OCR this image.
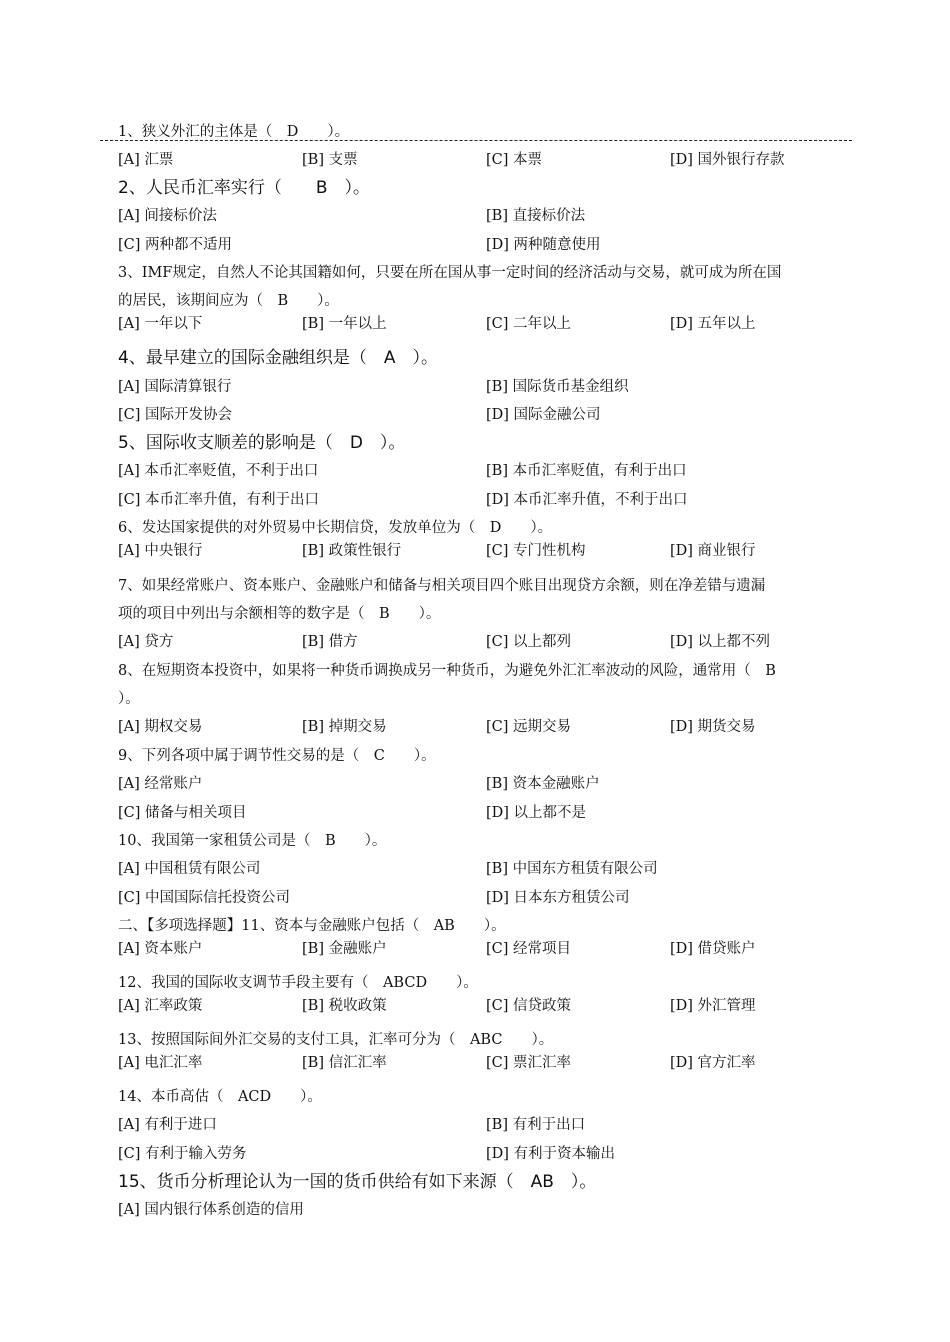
1、狭义外汇的主体是（　D　　）。
[A] 汇票	[B] 支票	[C] 本票	[D] 国外银行存款
2、人民币汇率实行（　　B　）。
[A] 间接标价法	[B] 直接标价法
[C] 两种都不适用	[D] 两种随意使用
3、IMF规定，自然人不论其国籍如何，只要在所在国从事一定时间的经济活动与交易，就可成为所在国
的居民，该期间应为（　B　　）。
[A] 一年以下	[B] 一年以上	[C] 二年以上	[D] 五年以上
4、最早建立的国际金融组织是（　A　）。
[A] 国际清算银行	[B] 国际货币基金组织
[C] 国际开发协会	[D] 国际金融公司
5、国际收支顺差的影响是（　D　）。
[A] 本币汇率贬值，不利于出口	[B] 本币汇率贬值，有利于出口
[C] 本币汇率升值，有利于出口	[D] 本币汇率升值，不利于出口
6、发达国家提供的对外贸易中长期信贷，发放单位为（　D　　）。
[A] 中央银行	[B] 政策性银行	[C] 专门性机构	[D] 商业银行
7、如果经常账户、资本账户、金融账户和储备与相关项目四个账目出现贷方余额，则在净差错与遗漏
项的项目中列出与余额相等的数字是（　B　　）。
[A] 贷方	[B] 借方	[C] 以上都列	[D] 以上都不列
8、在短期资本投资中，如果将一种货币调换成另一种货币，为避免外汇汇率波动的风险，通常用（　B
）。
[A] 期权交易	[B] 掉期交易	[C] 远期交易	[D] 期货交易
9、下列各项中属于调节性交易的是（　C　　）。
[A] 经常账户	[B] 资本金融账户
[C] 储备与相关项目	[D] 以上都不是
10、我国第一家租赁公司是（　B　　）。
[A] 中国租赁有限公司	[B] 中国东方租赁有限公司
[C] 中国国际信托投资公司	[D] 日本东方租赁公司
二、【多项选择题】11、资本与金融账户包括（　AB　　）。
[A] 资本账户	[B] 金融账户	[C] 经常项目	[D] 借贷账户
12、我国的国际收支调节手段主要有（　ABCD　　）。
[A] 汇率政策	[B] 税收政策	[C] 信贷政策	[D] 外汇管理
13、按照国际间外汇交易的支付工具，汇率可分为（　ABC　　）。
[A] 电汇汇率	[B] 信汇汇率	[C] 票汇汇率	[D] 官方汇率
14、本币高估（　ACD　　）。
[A] 有利于进口	[B] 有利于出口
[C] 有利于输入劳务	[D] 有利于资本输出
15、货币分析理论认为一国的货币供给有如下来源（　AB　）。
[A] 国内银行体系创造的信用
